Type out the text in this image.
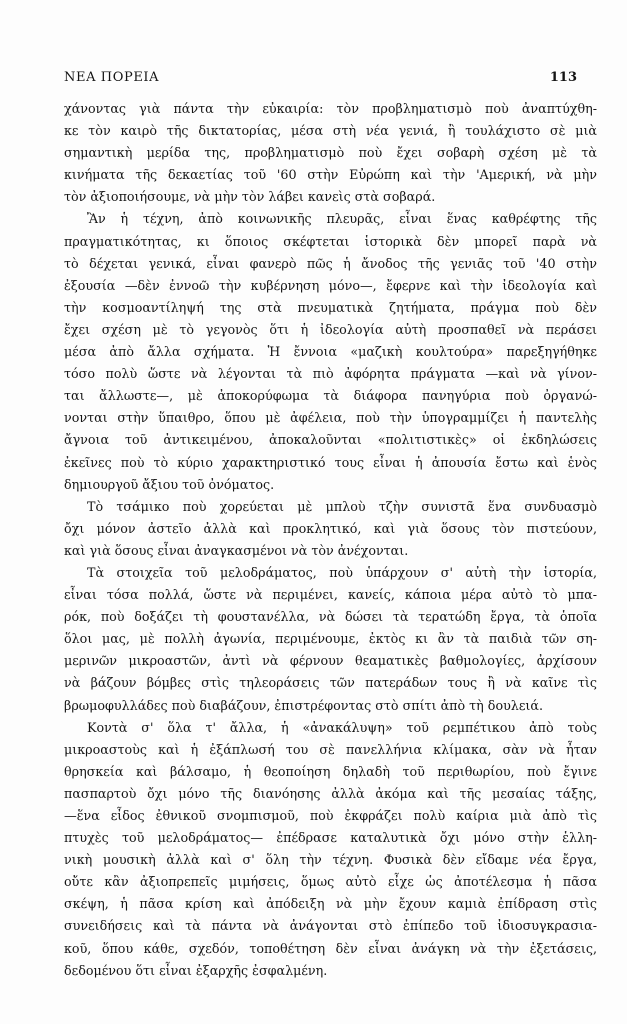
ΝΕΑ ΠΟΡΕΙΑ	113

χάνοντας γιὰ πάντα τὴν εὐκαιρία: τὸν προβληματισμὸ ποὺ ἀναπτύχθη-
κε τὸν καιρὸ τῆς δικτατορίας, μέσα στὴ νέα γενιά, ἢ τουλάχιστο σὲ μιὰ
σημαντικὴ μερίδα της, προβληματισμὸ ποὺ ἔχει σοβαρὴ σχέση μὲ τὰ
κινήματα τῆς δεκαετίας τοῦ '60 στὴν Εὐρώπη καὶ τὴν 'Αμερική, νὰ μὴν
τὸν ἀξιοποιήσουμε, νὰ μὴν τὸν λάβει κανεὶς στὰ σοβαρά.

Ἂν ἡ τέχνη, ἀπὸ κοινωνικῆς πλευρᾶς, εἶναι ἕνας καθρέφτης τῆς
πραγματικότητας, κι ὅποιος σκέφτεται ἱστορικὰ δὲν μπορεῖ παρὰ νὰ
τὸ δέχεται γενικά, εἶναι φανερὸ πῶς ἡ ἄνοδος τῆς γενιᾶς τοῦ '40 στὴν
ἐξουσία —δὲν ἐννοῶ τὴν κυβέρνηση μόνο—, ἔφερνε καὶ τὴν ἰδεολογία καὶ
τὴν κοσμοαντίληψή της στὰ πνευματικὰ ζητήματα, πράγμα ποὺ δὲν
ἔχει σχέση μὲ τὸ γεγονὸς ὅτι ἡ ἰδεολογία αὐτὴ προσπαθεῖ νὰ περάσει
μέσα ἀπὸ ἄλλα σχήματα. Ἡ ἔννοια «μαζικὴ κουλτούρα» παρεξηγήθηκε
τόσο πολὺ ὥστε νὰ λέγονται τὰ πιὸ ἀφόρητα πράγματα —καὶ νὰ γίνον-
ται ἄλλωστε—, μὲ ἀποκορύφωμα τὰ διάφορα πανηγύρια ποὺ ὀργανώ-
νονται στὴν ὕπαιθρο, ὅπου μὲ ἀφέλεια, ποὺ τὴν ὑπογραμμίζει ἡ παντελὴς
ἄγνοια τοῦ ἀντικειμένου, ἀποκαλοῦνται «πολιτιστικὲς» οἱ ἐκδηλώσεις
ἐκεῖνες ποὺ τὸ κύριο χαρακτηριστικό τους εἶναι ἡ ἀπουσία ἔστω καὶ ἑνὸς
δημιουργοῦ ἄξιου τοῦ ὀνόματος.

Τὸ τσάμικο ποὺ χορεύεται μὲ μπλοὺ τζὴν συνιστᾶ ἕνα συνδυασμὸ
ὄχι μόνον ἀστεῖο ἀλλὰ καὶ προκλητικό, καὶ γιὰ ὅσους τὸν πιστεύουν,
καὶ γιὰ ὅσους εἶναι ἀναγκασμένοι νὰ τὸν ἀνέχονται.

Τὰ στοιχεῖα τοῦ μελοδράματος, ποὺ ὑπάρχουν σ' αὐτὴ τὴν ἱστορία,
εἶναι τόσα πολλά, ὥστε νὰ περιμένει, κανείς, κάποια μέρα αὐτὸ τὸ μπα-
ρόκ, ποὺ δοξάζει τὴ φουστανέλλα, νὰ δώσει τὰ τερατώδη ἔργα, τὰ ὁποῖα
ὅλοι μας, μὲ πολλὴ ἀγωνία, περιμένουμε, ἐκτὸς κι ἂν τὰ παιδιὰ τῶν ση-
μερινῶν μικροαστῶν, ἀντὶ νὰ φέρνουν θεαματικὲς βαθμολογίες, ἀρχίσουν
νὰ βάζουν βόμβες στὶς τηλεοράσεις τῶν πατεράδων τους ἢ νὰ καῖνε τὶς
βρωμοφυλλάδες ποὺ διαβάζουν, ἐπιστρέφοντας στὸ σπίτι ἀπὸ τὴ δουλειά.

Κοντὰ σ' ὅλα τ' ἄλλα, ἡ «ἀνακάλυψη» τοῦ ρεμπέτικου ἀπὸ τοὺς
μικροαστοὺς καὶ ἡ ἐξάπλωσή του σὲ πανελλήνια κλίμακα, σὰν νὰ ἦταν
θρησκεία καὶ βάλσαμο, ἡ θεοποίηση δηλαδὴ τοῦ περιθωρίου, ποὺ ἔγινε
πασπαρτοὺ ὄχι μόνο τῆς διανόησης ἀλλὰ ἀκόμα καὶ τῆς μεσαίας τάξης,
—ἕνα εἶδος ἐθνικοῦ σνομπισμοῦ, ποὺ ἐκφράζει πολὺ καίρια μιὰ ἀπὸ τὶς
πτυχὲς τοῦ μελοδράματος— ἐπέδρασε καταλυτικὰ ὄχι μόνο στὴν ἑλλη-
νικὴ μουσικὴ ἀλλὰ καὶ σ' ὅλη τὴν τέχνη. Φυσικὰ δὲν εἴδαμε νέα ἔργα,
οὔτε κἂν ἀξιοπρεπεῖς μιμήσεις, ὅμως αὐτὸ εἶχε ὡς ἀποτέλεσμα ἡ πᾶσα
σκέψη, ἡ πᾶσα κρίση καὶ ἀπόδειξη νὰ μὴν ἔχουν καμιὰ ἐπίδραση στὶς
συνειδήσεις καὶ τὰ πάντα νὰ ἀνάγονται στὸ ἐπίπεδο τοῦ ἰδιοσυγκρασια-
κοῦ, ὅπου κάθε, σχεδόν, τοποθέτηση δὲν εἶναι ἀνάγκη νὰ τὴν ἐξετάσεις,
δεδομένου ὅτι εἶναι ἐξαρχῆς ἐσφαλμένη.
